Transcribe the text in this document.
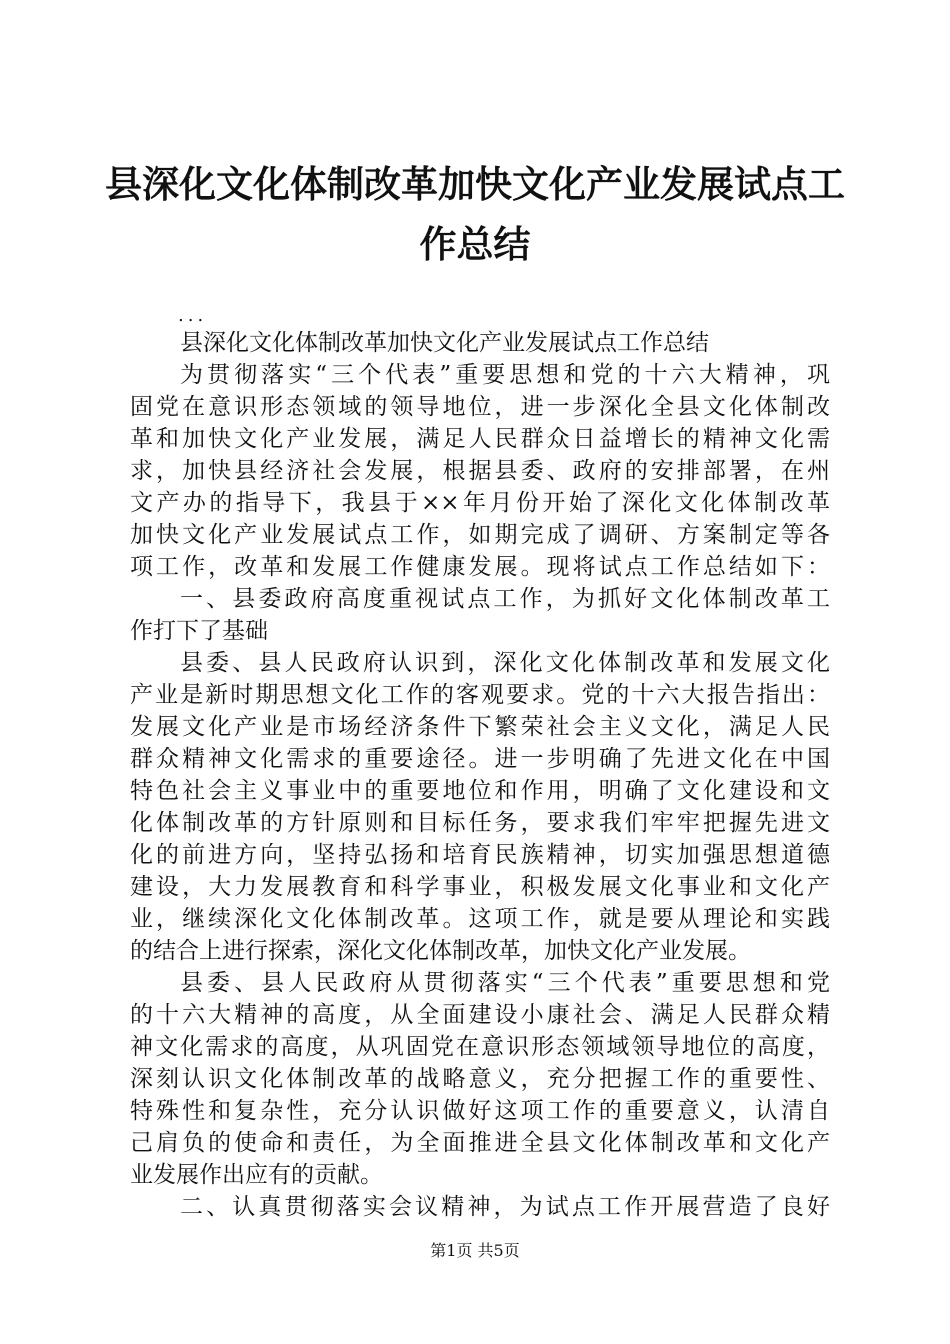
县深化文化体制改革加快文化产业发展试点工
作总结
...
县深化文化体制改革加快文化产业发展试点工作总结
为贯彻落实“三个代表”重要思想和党的十六大精神，巩
固党在意识形态领域的领导地位，进一步深化全县文化体制改
革和加快文化产业发展，满足人民群众日益增长的精神文化需
求，加快县经济社会发展，根据县委、政府的安排部署，在州
文产办的指导下，我县于××年月份开始了深化文化体制改革
加快文化产业发展试点工作，如期完成了调研、方案制定等各
项工作，改革和发展工作健康发展。现将试点工作总结如下：
一、县委政府高度重视试点工作，为抓好文化体制改革工
作打下了基础
县委、县人民政府认识到，深化文化体制改革和发展文化
产业是新时期思想文化工作的客观要求。党的十六大报告指出：
发展文化产业是市场经济条件下繁荣社会主义文化，满足人民
群众精神文化需求的重要途径。进一步明确了先进文化在中国
特色社会主义事业中的重要地位和作用，明确了文化建设和文
化体制改革的方针原则和目标任务，要求我们牢牢把握先进文
化的前进方向，坚持弘扬和培育民族精神，切实加强思想道德
建设，大力发展教育和科学事业，积极发展文化事业和文化产
业，继续深化文化体制改革。这项工作，就是要从理论和实践
的结合上进行探索，深化文化体制改革，加快文化产业发展。
县委、县人民政府从贯彻落实“三个代表”重要思想和党
的十六大精神的高度，从全面建设小康社会、满足人民群众精
神文化需求的高度，从巩固党在意识形态领域领导地位的高度，
深刻认识文化体制改革的战略意义，充分把握工作的重要性、
特殊性和复杂性，充分认识做好这项工作的重要意义，认清自
己肩负的使命和责任，为全面推进全县文化体制改革和文化产
业发展作出应有的贡献。
二、认真贯彻落实会议精神，为试点工作开展营造了良好
第1页 共5页
